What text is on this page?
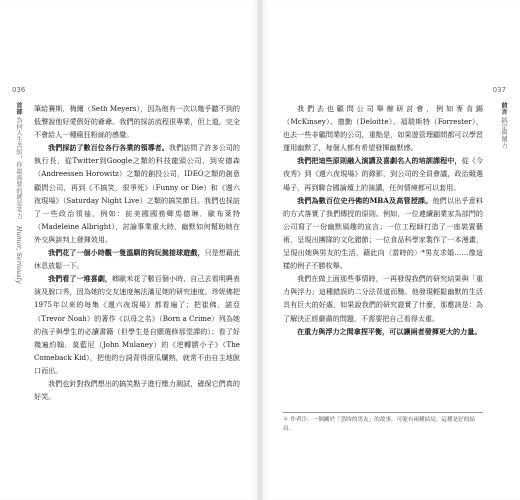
036	037
首部 為何人生苦短，你最需要的就是笑力 Humor, Seriously
前言 搞定與鬧力

筆給賽斯．梅爾（Seth Meyers），因為他有一次以幾乎聽不到的低聲說他好愛假好的爺爺。我們的採訪流程很專業，但上道，完全不會給人一種瘋狂粉絲的感覺。

我們採訪了數百位各行各業的領導者。我們訪問了許多公司的執行長，從Twitter到Google之類的科技龍頭公司，到安德森（Andreessen Horowitz）之類的創投公司，IDEO之類的創意顧問公司，再到《不搞笑，很爭死》（Funny or Die）和《週六夜現場》（Saturday Night Live）之類的搞笑節目。我們也採訪了一些政治領袖，例如：前美國國務卿馬德琳．歐布萊特（Madeleine Albright），討論事業重大時，幽默如何幫助她在外交與談判上發揮效用。

我們花了一個小時觀一隻溫馴的狗玩拋接球遊戲，只是想藉此休息放鬆一下。

我們看了一堆喜劇，鄉歐米花了數百個小時，自己去看明興表演及脫口秀，因為她的交友速度無法滿足她的研究速度。珍妮佛把1975年以來的每集《週六夜現場》都看遍了；把崔佛．諾亞（Trevor Noah）的著作《以母之名》（Born a Crime）列為她的孩子與學生的必讀書籍（但學生是自願選修那堂課的）；看了好幾遍約翰．莫藍尼（John Mulaney）的《逆轉勝小子》（The Comeback Kid），把他的台詞背得滾瓜爛熟，就常不由自主地脫口而出。

我們也針對我們想出的搞笑點子進行壓力測試，確保它們真的好笑。

我們去也顧問公司舉辦研討會，例如麥肯錫（McKinsey）、德勤（Deloitte）、福瑞斯特（Forrester），也去一些非顧問業的公司，重點是，如果遊管理顧問都可以學習運用幽默了，每個人都有希望發揮幽默感。

我們把這些原則融入演講及喜劇名人的培訓課程中，從《今夜秀》到《週六夜現場》的錄影，到公司的全員會議，政治競選場子，再到聯合國論壇上的演講，任何情境都可以套用。

我們為數百位史丹佛的MBA及高管授課。他們以出乎意料的方式落實了我們傳授的原則。例如，一位連續創業家為部門的公司寫了一份幽默風趣的宣言；一位工程師打造了一座裝置藝術，呈現出團隊的文化錯節；一位食品科學家製作了一本漫畫，呈現出她與男友的生活，藉此向〈當時的〉*男友求婚……像這樣的例子不勝枚舉。

我們在做上面那些事情時，一再發現我們的研究結果與「重力與浮力」這種錯誤的二分法背道而馳。他發現輕鬆幽默的生活具有巨大的好處，如果說我們的研究證實了什麼，那應該是：為了解決正經嚴肅的問題，不需要把自己看得太重。

在重力與浮力之間拿捏平衡，可以讓兩者發揮更大的力量。

＊ 作者注：一個關於「當時的男友」的故事，可能有兩種結局。這種是好的結局。
